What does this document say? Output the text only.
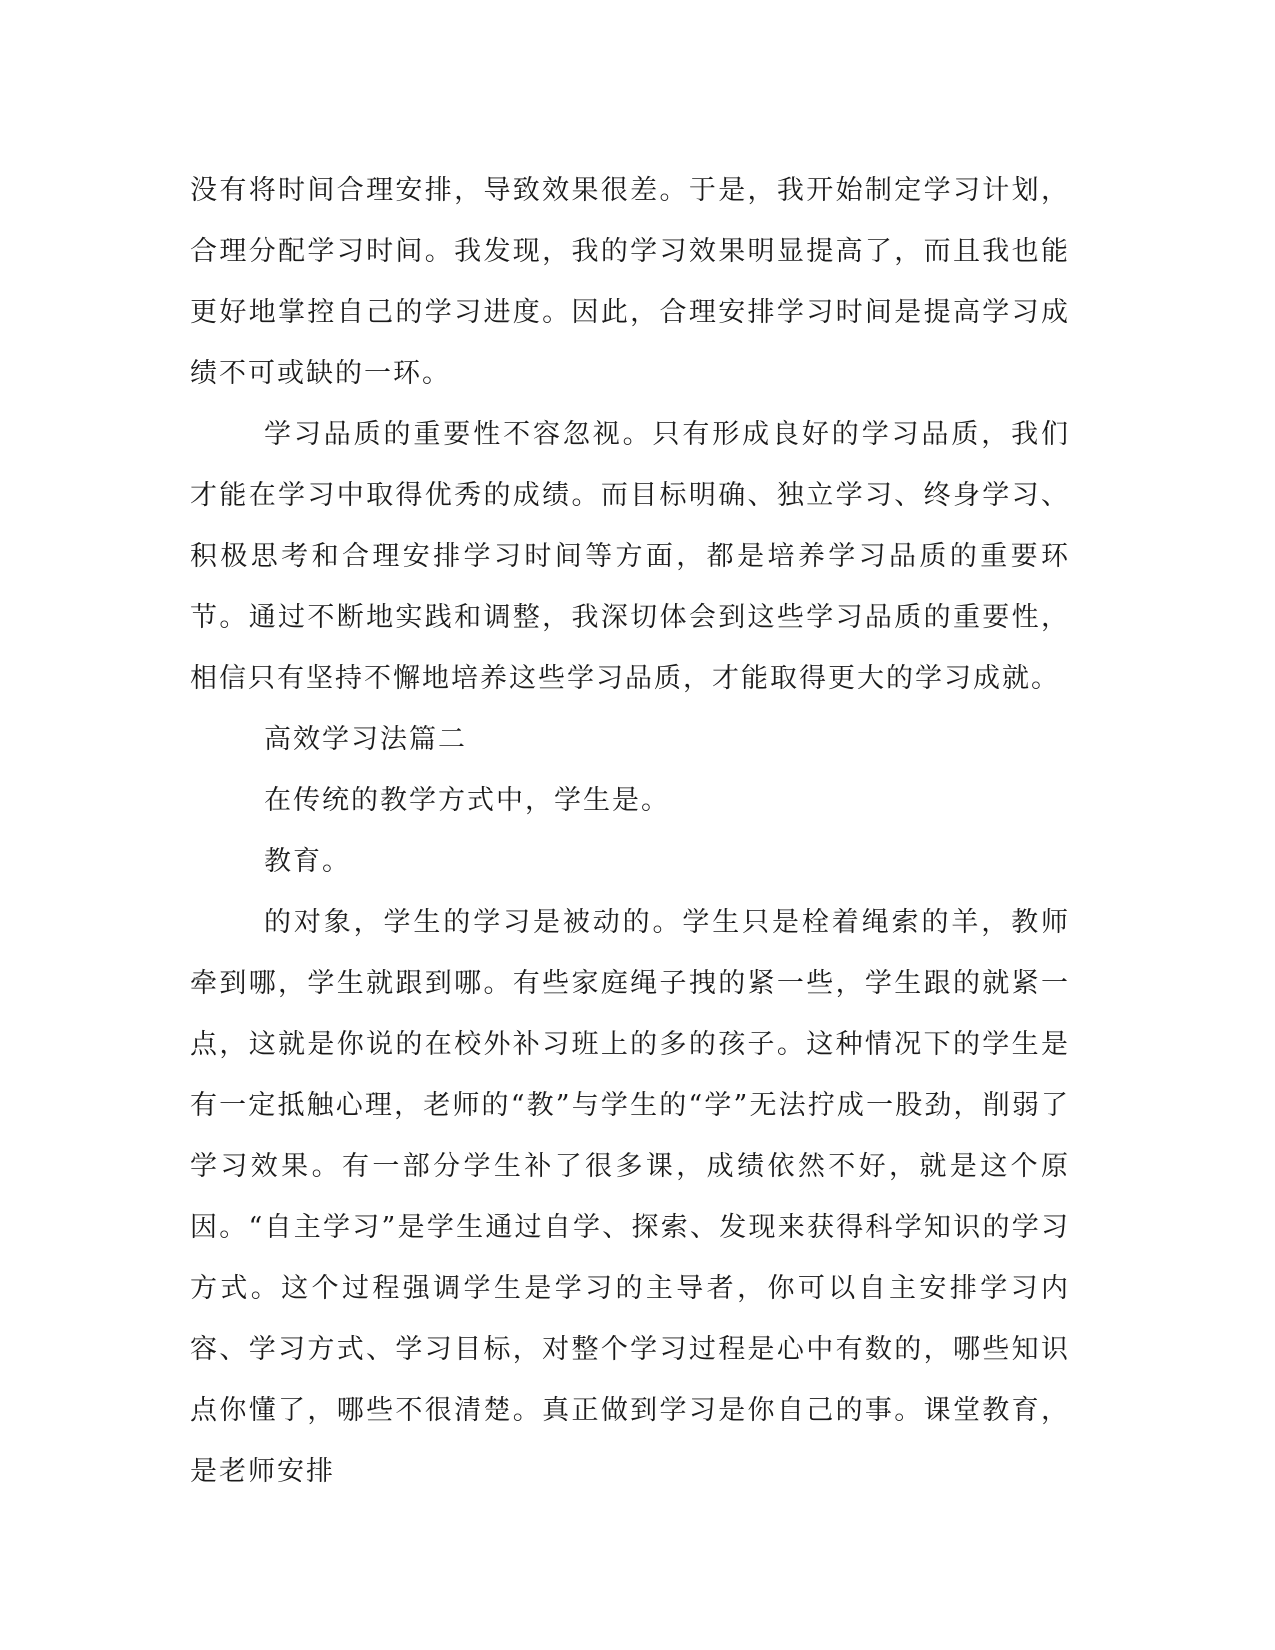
没有将时间合理安排，导致效果很差。于是，我开始制定学习计划，合理分配学习时间。我发现，我的学习效果明显提高了，而且我也能更好地掌控自己的学习进度。因此，合理安排学习时间是提高学习成绩不可或缺的一环。

学习品质的重要性不容忽视。只有形成良好的学习品质，我们才能在学习中取得优秀的成绩。而目标明确、独立学习、终身学习、积极思考和合理安排学习时间等方面，都是培养学习品质的重要环节。通过不断地实践和调整，我深切体会到这些学习品质的重要性，相信只有坚持不懈地培养这些学习品质，才能取得更大的学习成就。

高效学习法篇二

在传统的教学方式中，学生是。

教育。

的对象，学生的学习是被动的。学生只是栓着绳索的羊，教师牵到哪，学生就跟到哪。有些家庭绳子拽的紧一些，学生跟的就紧一点，这就是你说的在校外补习班上的多的孩子。这种情况下的学生是有一定抵触心理，老师的“教”与学生的“学”无法拧成一股劲，削弱了学习效果。有一部分学生补了很多课，成绩依然不好，就是这个原因。“自主学习”是学生通过自学、探索、发现来获得科学知识的学习方式。这个过程强调学生是学习的主导者，你可以自主安排学习内容、学习方式、学习目标，对整个学习过程是心中有数的，哪些知识点你懂了，哪些不很清楚。真正做到学习是你自己的事。课堂教育，是老师安排
